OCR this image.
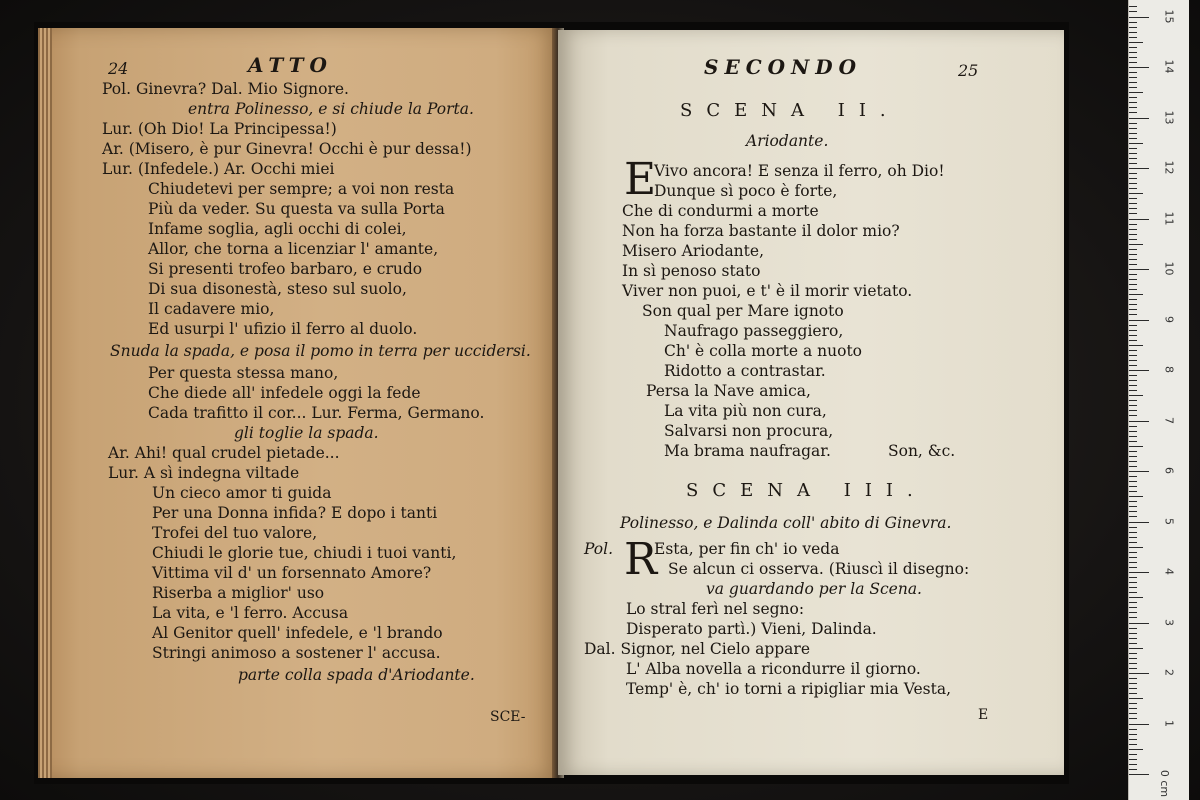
24	ATTO
Pol. Ginevra? Dal. Mio Signore.
entra Polinesso, e si chiude la Porta.
Lur. (Oh Dio! La Principessa!)
Ar. (Misero, è pur Ginevra! Occhi è pur dessa!)
Lur. (Infedele.) Ar. Occhi miei
Chiudetevi per sempre; a voi non resta
Più da veder. Su questa va sulla Porta
Infame soglia, agli occhi di colei,
Allor, che torna a licenziar l' amante,
Si presenti trofeo barbaro, e crudo
Di sua disonestà, steso sul suolo,
Il cadavere mio,
Ed usurpi l' ufizio il ferro al duolo.
Snuda la spada, e posa il pomo in terra per uccidersi.
Per questa stessa mano,
Che diede all' infedele oggi la fede
Cada trafitto il cor... Lur. Ferma, Germano.
gli toglie la spada.
Ar. Ahi! qual crudel pietade...
Lur. A sì indegna viltade
Un cieco amor ti guida
Per una Donna infida? E dopo i tanti
Trofei del tuo valore,
Chiudi le glorie tue, chiudi i tuoi vanti,
Vittima vil d' un forsennato Amore?
Riserba a miglior' uso
La vita, e 'l ferro. Accusa
Al Genitor quell' infedele, e 'l brando
Stringi animoso a sostener l' accusa.
parte colla spada d'Ariodante.
SCE-
SECONDO	25
SCENA II.
Ariodante.
E
Vivo ancora! E senza il ferro, oh Dio!
Dunque sì poco è forte,
Che di condurmi a morte
Non ha forza bastante il dolor mio?
Misero Ariodante,
In sì penoso stato
Viver non puoi, e t' è il morir vietato.
Son qual per Mare ignoto
Naufrago passeggiero,
Ch' è colla morte a nuoto
Ridotto a contrastar.
Persa la Nave amica,
La vita più non cura,
Salvarsi non procura,
Ma brama naufragar.	Son, &c.
SCENA III.
Polinesso, e Dalinda coll' abito di Ginevra.
R
Pol.	Esta, per fin ch' io veda
Se alcun ci osserva. (Riuscì il disegno:
va guardando per la Scena.
Lo stral ferì nel segno:
Disperato partì.) Vieni, Dalinda.
Dal. Signor, nel Cielo appare
L' Alba novella a ricondurre il giorno.
Temp' è, ch' io torni a ripigliar mia Vesta,
E	1
2
3
4
5
6
7
8
9
10
11
12
13
14
15
0 cm
